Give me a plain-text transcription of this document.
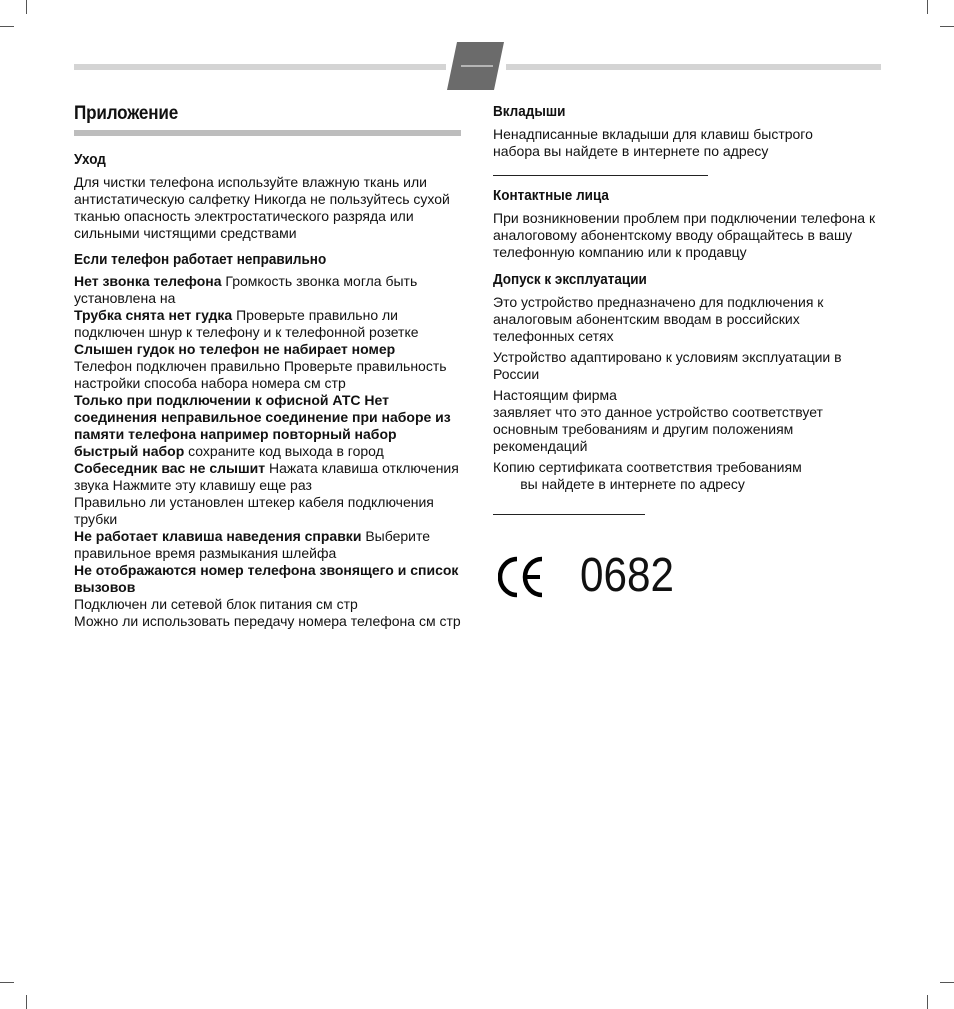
Приложение
Уход

Для чистки телефона используйте влажную ткань или антистатическую салфетку Никогда не пользуйтесь сухой тканью опасность электростатического разряда или сильными чистящими средствами

Если телефон работает неправильно

Нет звонка телефона Громкость звонка могла быть установлена на

Трубка снята нет гудка Проверьте правильно ли подключен шнур к телефону и к телефонной розетке

Слышен гудок но телефон не набирает номер

Телефон подключен правильно Проверьте правильность настройки способа набора номера см стр

Только при подключении к офисной АТС Нет соединения неправильное соединение при наборе из памяти телефона например повторный набор быстрый набор сохраните код выхода в город

Собеседник вас не слышит Нажата клавиша отключения звука Нажмите эту клавишу еще раз

Правильно ли установлен штекер кабеля подключения трубки

Не работает клавиша наведения справки Выберите правильное время размыкания шлейфа

Не отображаются номер телефона звонящего и список вызовов

Подключен ли сетевой блок питания см стр

Можно ли использовать передачу номера телефона см стр

Вкладыши

Ненадписанные вкладыши для клавиш быстрого набора вы найдете в интернете по адресу

Контактные лица

При возникновении проблем при подключении телефона к аналоговому абонентскому вводу обращайтесь в вашу телефонную компанию или к продавцу

Допуск к эксплуатации

Это устройство предназначено для подключения к аналоговым абонентским вводам в российских телефонных сетях

Устройство адаптировано к условиям эксплуатации в России

Настоящим фирма

заявляет что это данное устройство соответствует основным требованиям и другим положениям рекомендаций

Копию сертификата соответствия требованиям

вы найдете в интернете по адресу

0682
